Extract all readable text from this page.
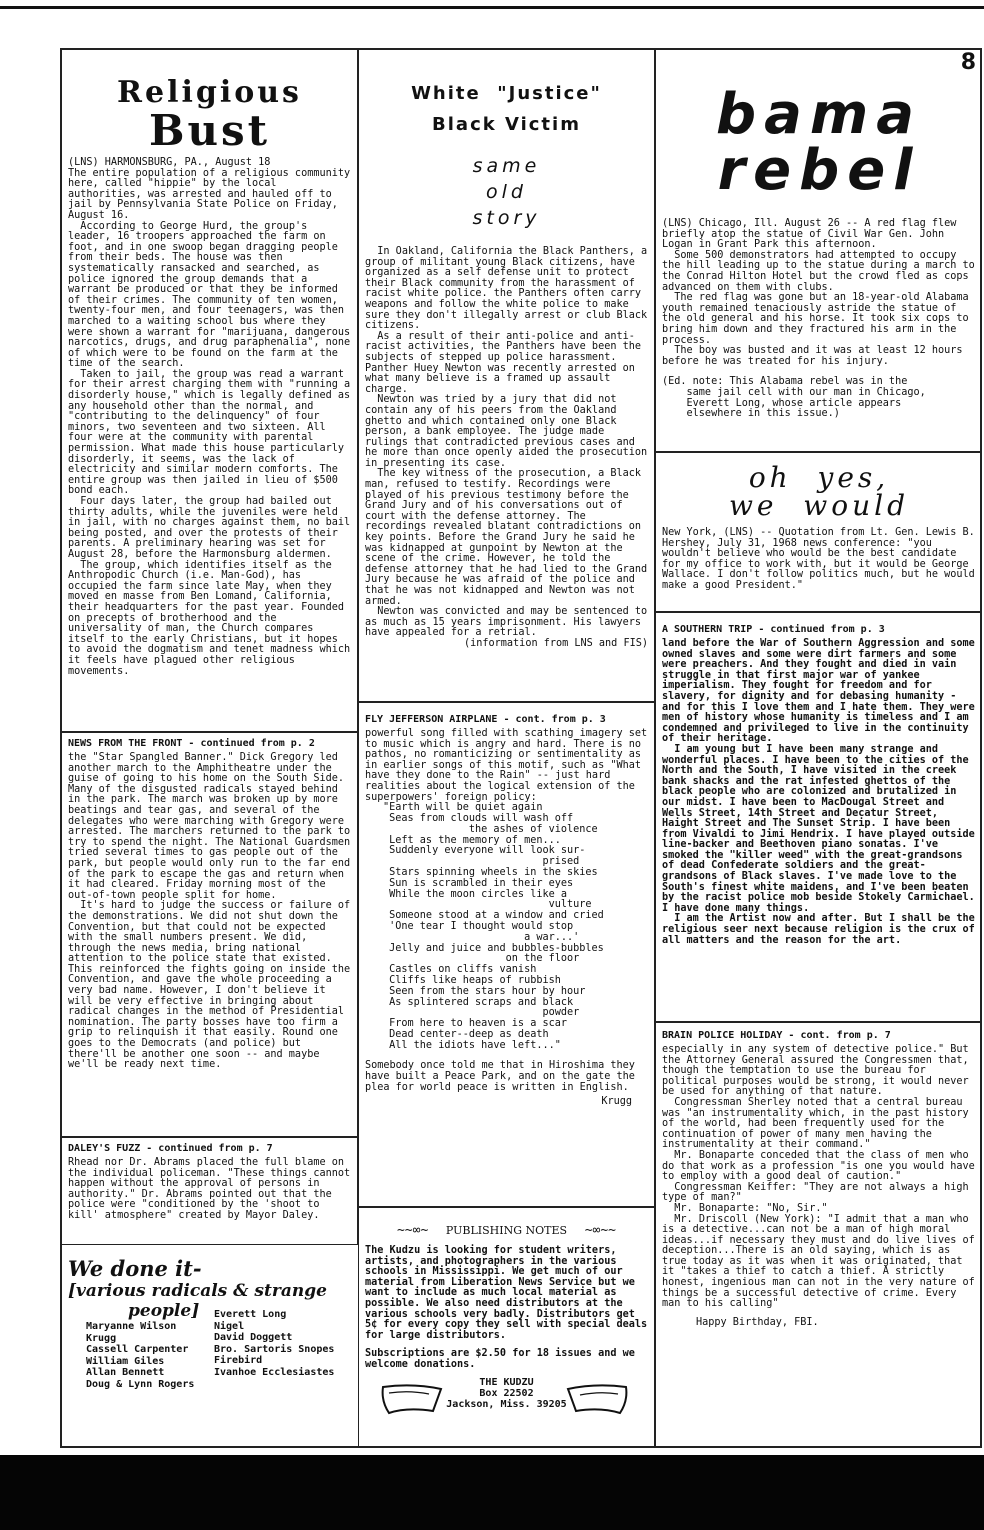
8
Religious
Bust

(LNS) HARMONSBURG, PA., August 18
The entire population of a religious community here, called "hippie" by the local authorities, was arrested and hauled off to jail by Pennsylvania State Police on Friday, August 16.
According to George Hurd, the group's leader, 16 troopers approached the farm on foot, and in one swoop began dragging people from their beds. The house was then systematically ransacked and searched, as police ignored the group demands that a warrant be produced or that they be informed of their crimes. The community of ten women, twenty-four men, and four teenagers, was then marched to a waiting school bus where they were shown a warrant for "marijuana, dangerous narcotics, drugs, and drug paraphenalia", none of which were to be found on the farm at the time of the search.
Taken to jail, the group was read a warrant for their arrest charging them with "running a disorderly house," which is legally defined as any household other than the normal, and "contributing to the delinquency" of four minors, two seventeen and two sixteen. All four were at the community with parental permission. What made this house particularly disorderly, it seems, was the lack of electricity and similar modern comforts. The entire group was then jailed in lieu of $500 bond each.
Four days later, the group had bailed out thirty adults, while the juveniles were held in jail, with no charges against them, no bail being posted, and over the protests of their parents. A preliminary hearing was set for August 28, before the Harmonsburg aldermen.
The group, which identifies itself as the Anthropodic Church (i.e. Man-God), has occupied the farm since late May, when they moved en masse from Ben Lomand, California, their headquarters for the past year. Founded on precepts of brotherhood and the universality of man, the Church compares itself to the early Christians, but it hopes to avoid the dogmatism and tenet madness which it feels have plagued other religious movements.

NEWS FROM THE FRONT - continued from p. 2

the "Star Spangled Banner." Dick Gregory led another march to the Amphitheatre under the guise of going to his home on the South Side. Many of the disgusted radicals stayed behind in the park. The march was broken up by more beatings and tear gas, and several of the delegates who were marching with Gregory were arrested. The marchers returned to the park to try to spend the night. The National Guardsmen tried several times to gas people out of the park, but people would only run to the far end of the park to escape the gas and return when it had cleared. Friday morning most of the out-of-town people split for home.
It's hard to judge the success or failure of the demonstrations. We did not shut down the Convention, but that could not be expected with the small numbers present. We did, through the news media, bring national attention to the police state that existed. This reinforced the fights going on inside the Convention, and gave the whole proceeding a very bad name. However, I don't believe it will be very effective in bringing about radical changes in the method of Presidential nomination. The party bosses have too firm a grip to relinquish it that easily. Round one goes to the Democrats (and police) but there'll be another one soon -- and maybe we'll be ready next time.

DALEY'S FUZZ - continued from p. 7

Rhead nor Dr. Abrams placed the full blame on the individual policeman. "These things cannot happen without the approval of persons in authority." Dr. Abrams pointed out that the police were "conditioned by the 'shoot to kill' atmosphere" created by Mayor Daley.

We done it-
[various radicals & strange
people]
Maryanne Wilson
Krugg
Cassell Carpenter
William Giles
Allan Bennett
Doug & Lynn Rogers
Everett Long
Nigel
David Doggett
Bro. Sartoris Snopes
Firebird
Ivanhoe Ecclesiastes
White  "Justice"
Black Victim
same
old
story

In Oakland, California the Black Panthers, a group of militant young Black citizens, have organized as a self defense unit to protect their Black community from the harassment of racist white police. the Panthers often carry weapons and follow the white police to make sure they don't illegally arrest or club Black citizens.
As a result of their anti-police and anti-racist activities, the Panthers have been the subjects of stepped up police harassment. Panther Huey Newton was recently arrested on what many believe is a framed up assault charge.
Newton was tried by a jury that did not contain any of his peers from the Oakland ghetto and which contained only one Black person, a bank employee. The judge made rulings that contradicted previous cases and he more than once openly aided the prosecution in presenting its case.
The key witness of the prosecution, a Black man, refused to testify. Recordings were played of his previous testimony before the Grand Jury and of his conversations out of court with the defense attorney. The recordings revealed blatant contradictions on key points. Before the Grand Jury he said he was kidnapped at gunpoint by Newton at the scene of the crime. However, he told the defense attorney that he had lied to the Grand Jury because he was afraid of the police and that he was not kidnapped and Newton was not armed.
Newton was convicted and may be sentenced to as much as 15 years imprisonment. His lawyers have appealed for a retrial.

(information from LNS and FIS)

FLY JEFFERSON AIRPLANE - cont. from p. 3

powerful song filled with scathing imagery set to music which is angry and hard. There is no pathos, no romanticizing or sentimentality as in earlier songs of this motif, such as "What have they done to the Rain" -- just hard realities about the logical extension of the superpowers' foreign policy:

"Earth will be quiet again
Seas from clouds will wash off
the ashes of violence
Left as the memory of men...
Suddenly everyone will look sur-
prised
Stars spinning wheels in the skies
Sun is scrambled in their eyes
While the moon circles like a
vulture
Someone stood at a window and cried
'One tear I thought would stop
a war...'
Jelly and juice and bubbles-bubbles
on the floor
Castles on cliffs vanish
Cliffs like heaps of rubbish
Seen from the stars hour by hour
As splintered scraps and black
powder
From here to heaven is a scar
Dead center--deep as death
All the idiots have left..."

Somebody once told me that in Hiroshima they have built a Peace Park, and on the gate the plea for world peace is written in English.

Krugg

~~∞~ PUBLISHING NOTES ~∞~~

The Kudzu is looking for student writers, artists, and photographers in the various schools in Mississippi. We get much of our material from Liberation News Service but we want to include as much local material as possible. We also need distributors at the various schools very badly. Distributors get 5¢ for every copy they sell with special deals for large distributors.

Subscriptions are $2.50 for 18 issues and we welcome donations.

THE KUDZU
Box 22502
Jackson, Miss. 39205
bama
rebel

(LNS) Chicago, Ill. August 26 -- A red flag flew briefly atop the statue of Civil War Gen. John Logan in Grant Park this afternoon.
Some 500 demonstrators had attempted to occupy the hill leading up to the statue during a march to the Conrad Hilton Hotel but the crowd fled as cops advanced on them with clubs.
The red flag was gone but an 18-year-old Alabama youth remained tenaciously astride the statue of the old general and his horse. It took six cops to bring him down and they fractured his arm in the process.
The boy was busted and it was at least 12 hours before he was treated for his injury.

(Ed. note: This Alabama rebel was in the
same jail cell with our man in Chicago,
Everett Long, whose article appears
elsewhere in this issue.)

oh  yes,
we  would

New York, (LNS) -- Quotation from Lt. Gen. Lewis B. Hershey, July 31, 1968 news conference: "you wouldn't believe who would be the best candidate for my office to work with, but it would be George Wallace. I don't follow politics much, but he would make a good President."

A SOUTHERN TRIP - continued from p. 3

land before the War of Southern Aggression and some owned slaves and some were dirt farmers and some were preachers. And they fought and died in vain struggle in that first major war of yankee imperialism. They fought for freedom and for slavery, for dignity and for debasing humanity - and for this I love them and I hate them. They were men of history whose humanity is timeless and I am condemned and privileged to live in the continuity of their heritage.
I am young but I have been many strange and wonderful places. I have been to the cities of the North and the South, I have visited in the creek bank shacks and the rat infested ghettos of the black people who are colonized and brutalized in our midst. I have been to MacDougal Street and Wells Street, 14th Street and Decatur Street, Haight Street and The Sunset Strip. I have been from Vivaldi to Jimi Hendrix. I have played outside line-backer and Beethoven piano sonatas. I've smoked the "killer weed" with the great-grandsons of dead Confederate soldiers and the great-grandsons of Black slaves. I've made love to the South's finest white maidens, and I've been beaten by the racist police mob beside Stokely Carmichael. I have done many things.
I am the Artist now and after. But I shall be the religious seer next because religion is the crux of all matters and the reason for the art.

BRAIN POLICE HOLIDAY - cont. from p. 7

especially in any system of detective police." But the Attorney General assured the Congressmen that, though the temptation to use the bureau for political purposes would be strong, it would never be used for anything of that nature.
Congressman Sherley noted that a central bureau was "an instrumentality which, in the past history of the world, had been frequently used for the continuation of power of many men having the instrumentality at their command."
Mr. Bonaparte conceded that the class of men who do that work as a profession "is one you would have to employ with a good deal of caution."
Congressman Keiffer: "They are not always a high type of man?"
Mr. Bonaparte: "No, Sir."
Mr. Driscoll (New York): "I admit that a man who is a detective...can not be a man of high moral ideas...if necessary they must and do live lives of deception...There is an old saying, which is as true today as it was when it was originated, that it "takes a thief to catch a thief. A strictly honest, ingenious man can not in the very nature of things be a successful detective of crime. Every man to his calling"

Happy Birthday, FBI.
